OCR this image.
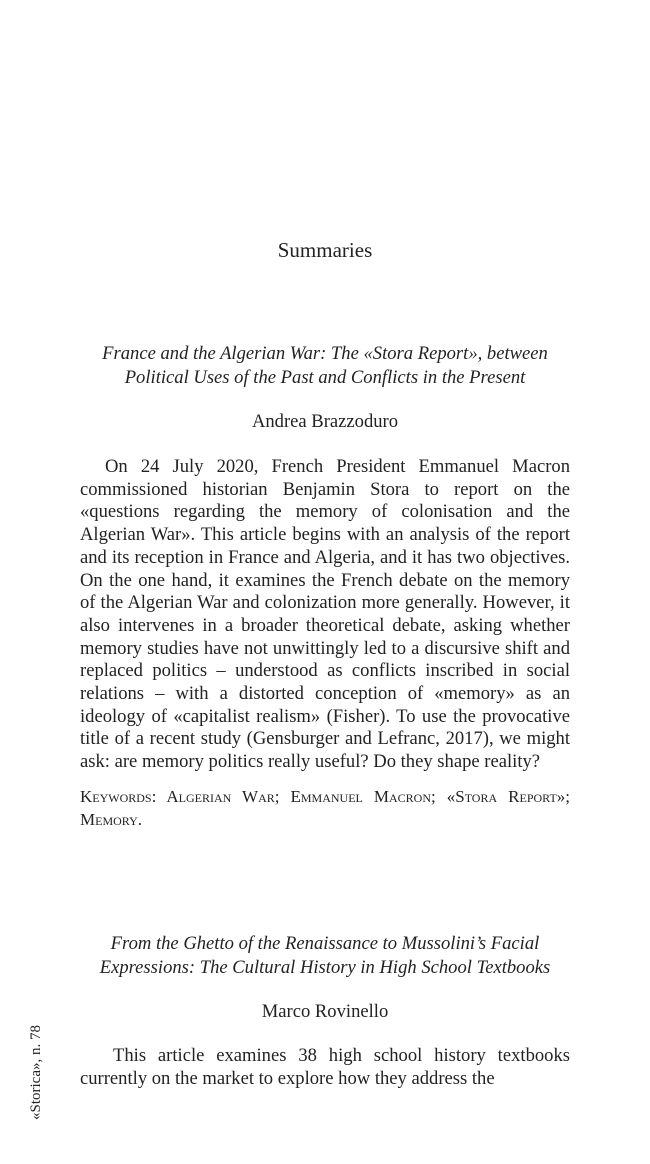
Summaries
France and the Algerian War: The «Stora Report», between
Political Uses of the Past and Conflicts in the Present
Andrea Brazzoduro
On 24 July 2020, French President Emmanuel Macron commissioned historian Benjamin Stora to report on the «questions regarding the memory of colonisation and the Algerian War». This article begins with an analysis of the report and its reception in France and Algeria, and it has two objectives. On the one hand, it examines the French debate on the memory of the Algerian War and colonization more generally. However, it also intervenes in a broader theoretical debate, asking whether memory studies have not unwittingly led to a discursive shift and replaced politics – understood as conflicts inscribed in social relations – with a distorted conception of «memory» as an ideology of «capitalist realism» (Fisher). To use the provocative title of a recent study (Gensburger and Lefranc, 2017), we might ask: are memory politics really useful? Do they shape reality?
Keywords: Algerian War; Emmanuel Macron; «Stora Report»; Memory.
From the Ghetto of the Renaissance to Mussolini’s Facial
Expressions: The Cultural History in High School Textbooks
Marco Rovinello
This article examines 38 high school history textbooks currently on the market to explore how they address the
«Storica», n. 78
